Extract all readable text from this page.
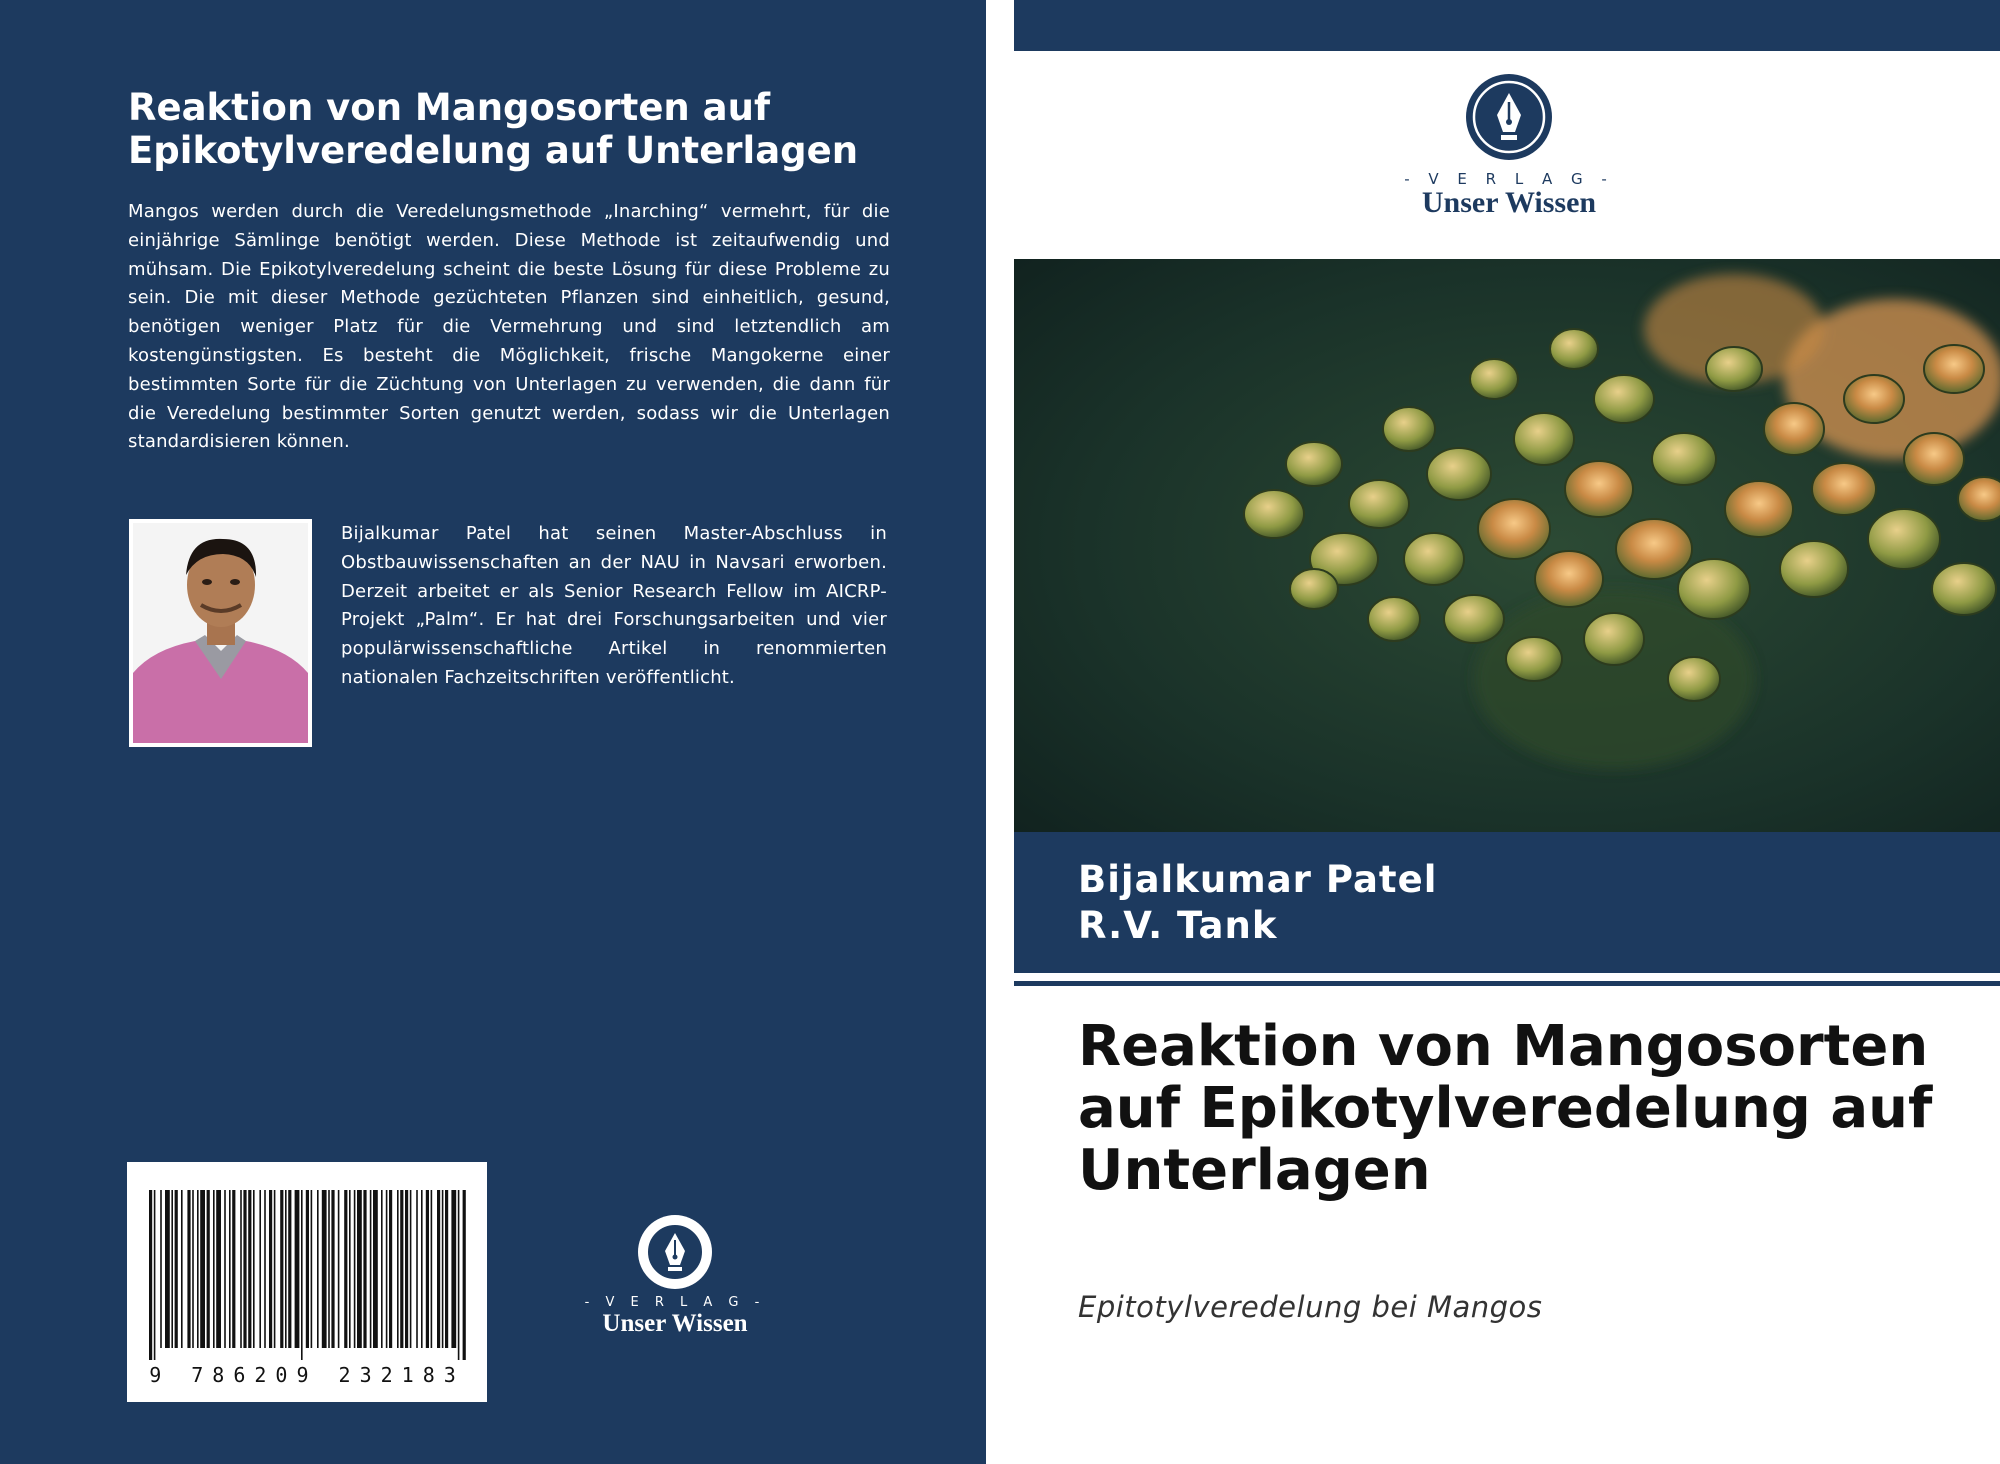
Reaktion von Mangosorten auf Epikotylveredelung auf Unterlagen

Mangos werden durch die Veredelungsmethode „Inarching“ vermehrt, für die einjährige Sämlinge benötigt werden. Diese Methode ist zeitaufwendig und mühsam. Die Epikotylveredelung scheint die beste Lösung für diese Probleme zu sein. Die mit dieser Methode gezüchteten Pflanzen sind einheitlich, gesund, benötigen weniger Platz für die Vermehrung und sind letztendlich am kostengünstigsten. Es besteht die Möglichkeit, frische Mangokerne einer bestimmten Sorte für die Züchtung von Unterlagen zu verwenden, die dann für die Veredelung bestimmter Sorten genutzt werden, sodass wir die Unterlagen standardisieren können.

Bijalkumar Patel hat seinen Master-Abschluss in Obstbauwissenschaften an der NAU in Navsari erworben. Derzeit arbeitet er als Senior Research Fellow im AICRP-Projekt „Palm“. Er hat drei Forschungsarbeiten und vier populärwissenschaftliche Artikel in renommierten nationalen Fachzeitschriften veröffentlicht.

9 786209 232183

- V E R L A G -
Unser Wissen
- V E R L A G -
Unser Wissen

Bijalkumar Patel

R.V. Tank

Reaktion von Mangosorten auf Epikotylveredelung auf Unterlagen

Epitotylveredelung bei Mangos
